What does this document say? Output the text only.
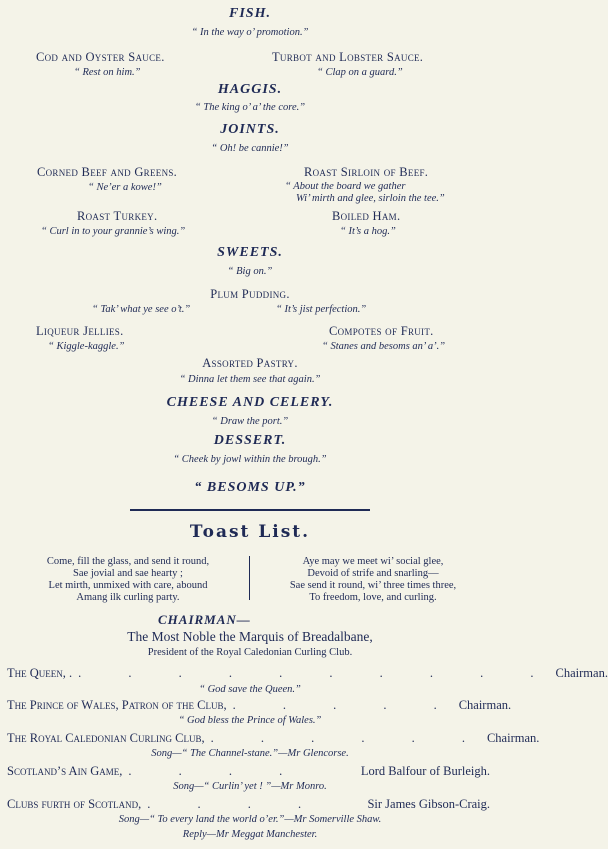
FISH.
“ In the way o’ promotion.”
Cod and Oyster Sauce.
“ Rest on him.”
Turbot and Lobster Sauce.
“ Clap on a guard.”
HAGGIS.
“ The king o’ a’ the core.”
JOINTS.
“ Oh! be cannie!”
Corned Beef and Greens.
“ Ne’er a kowe!”
Roast Sirloin of Beef.
“ About the board we gather
Wi’ mirth and glee, sirloin the tee.”
Roast Turkey.
“ Curl in to your grannie’s wing.”
Boiled Ham.
“ It’s a hog.”
SWEETS.
“ Big on.”
Plum Pudding.
“ Tak’ what ye see o’t.”	“ It’s jist perfection.”
Liqueur Jellies.
“ Kiggle-kaggle.”
Compotes of Fruit.
“ Stanes and besoms an’ a’.”
Assorted Pastry.
“ Dinna let them see that again.”
CHEESE AND CELERY.
“ Draw the port.”
DESSERT.
“ Cheek by jowl within the brough.”
“ BESOMS UP.”
Toast List.
Come, fill the glass, and send it round,
Sae jovial and sae hearty ;
Let mirth, unmixed with care, abound
Amang ilk curling party.
Aye may we meet wi’ social glee,
Devoid of strife and snarling—
Sae send it round, wi’ three times three,
To freedom, love, and curling.
CHAIRMAN—
The Most Noble the Marquis of Breadalbane,
President of the Royal Caledonian Curling Club.
The Queen, . . . . . . . . . . . Chairman.
“ God save the Queen.”
The Prince of Wales, Patron of the Club, . . . . . Chairman.
“ God bless the Prince of Wales.”
The Royal Caledonian Curling Club, . . . . . . Chairman.
Song—“ The Channel-stane.”—Mr Glencorse.
Scotland’s Ain Game, . . . .	Lord Balfour of Burleigh.
Song—“ Curlin’ yet ! ”—Mr Monro.
Clubs furth of Scotland, . . . .	Sir James Gibson-Craig.
Song—“ To every land the world o’er.”—Mr Somerville Shaw.
Reply—Mr Meggat Manchester.
